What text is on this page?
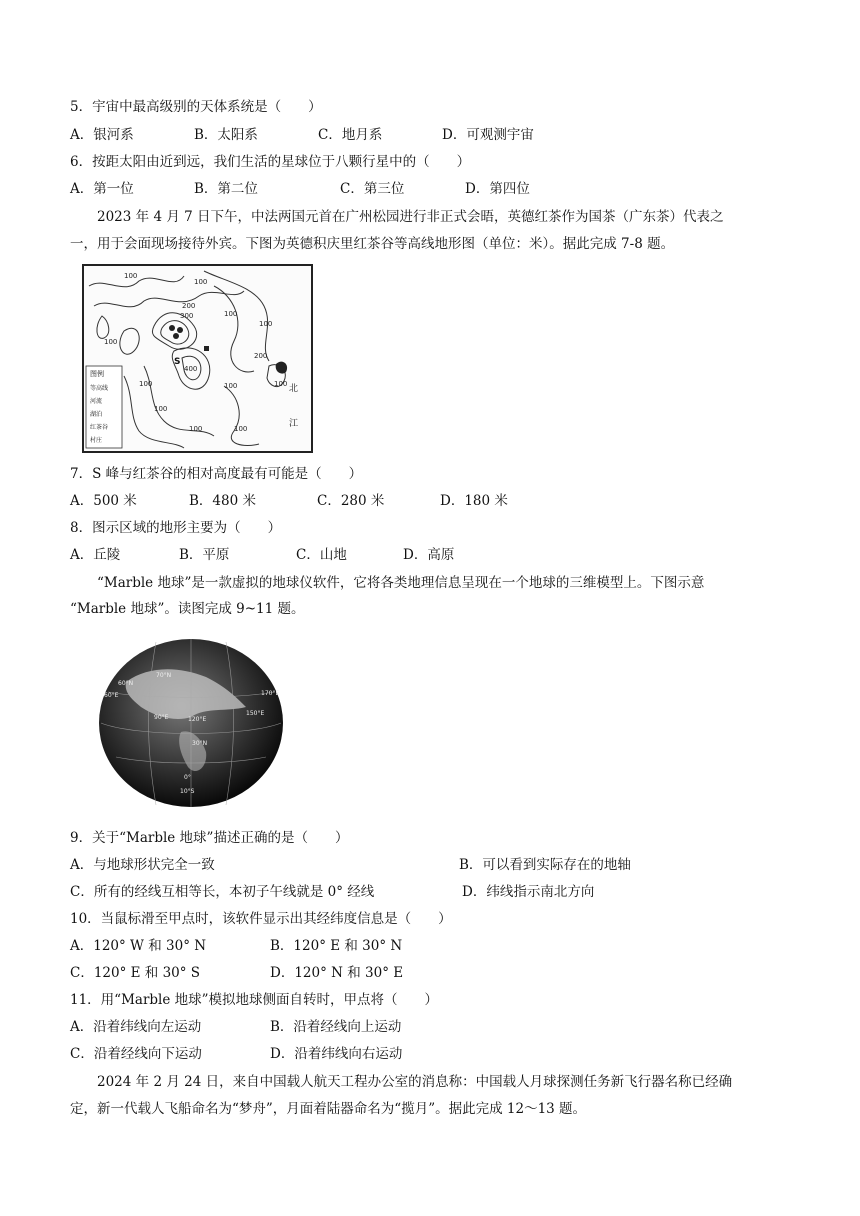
5．宇宙中最高级别的天体系统是（　　）
A．银河系	B．太阳系	C．地月系	D．可观测宇宙
6．按距太阳由近到远，我们生活的星球位于八颗行星中的（　　）
A．第一位	B．第二位	C．第三位	D．第四位
　　2023 年 4 月 7 日下午，中法两国元首在广州松园进行非正式会晤，英德红茶作为国茶（广东茶）代表之
一，用于会面现场接待外宾。下图为英德积庆里红茶谷等高线地形图（单位：米）。据此完成 7-8 题。
100
100
200
300	100
100
200
100
400
100	100
100
100
100
100
S
北
江
图例
等高线
河流
湖泊
红茶谷
村庄
7．S 峰与红茶谷的相对高度最有可能是（　　）
A．500 米	B．480 米	C．280 米	D．180 米
8．图示区域的地形主要为（　　）
A．丘陵	B．平原	C．山地	D．高原
　　“Marble 地球”是一款虚拟的地球仪软件，它将各类地理信息呈现在一个地球的三维模型上。下图示意
“Marble 地球”。读图完成 9~11 题。
60°E
90°E	120°E
150°E
170°E
70°N
60°N
30°N
0°
10°S
9．关于“Marble 地球”描述正确的是（　　）
A．与地球形状完全一致	B．可以看到实际存在的地轴
C．所有的经线互相等长，本初子午线就是 0° 经线	D．纬线指示南北方向
10．当鼠标滑至甲点时，该软件显示出其经纬度信息是（　　）
A．120° W 和 30° N	B．120° E 和 30° N
C．120° E 和 30° S	D．120° N 和 30° E
11．用“Marble 地球”模拟地球侧面自转时，甲点将（　　）
A．沿着纬线向左运动	B．沿着经线向上运动
C．沿着经线向下运动	D．沿着纬线向右运动
　　2024 年 2 月 24 日，来自中国载人航天工程办公室的消息称：中国载人月球探测任务新飞行器名称已经确
定，新一代载人飞船命名为“梦舟”，月面着陆器命名为“揽月”。据此完成 12～13 题。
